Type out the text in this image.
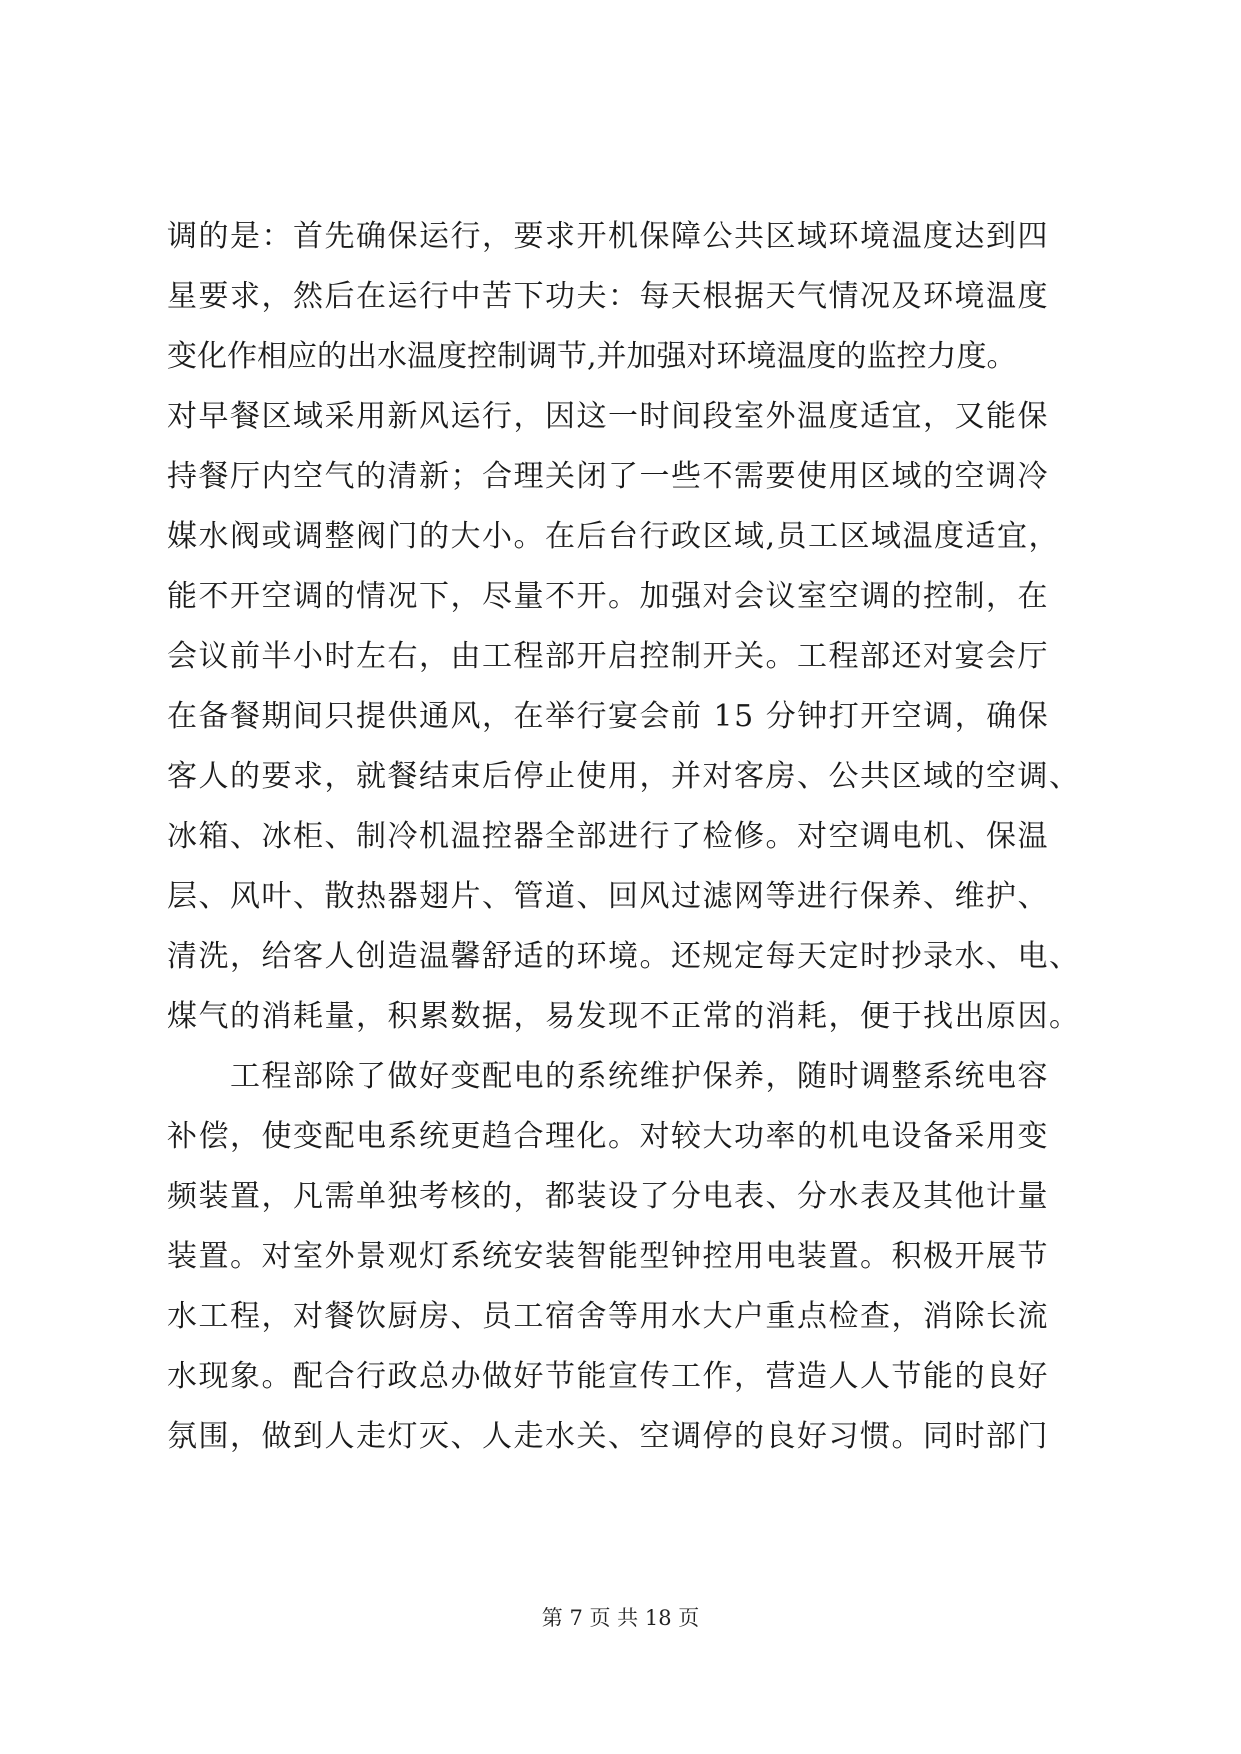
调的是：首先确保运行，要求开机保障公共区域环境温度达到四
星要求，然后在运行中苦下功夫：每天根据天气情况及环境温度
变化作相应的出水温度控制调节,并加强对环境温度的监控力度。
对早餐区域采用新风运行，因这一时间段室外温度适宜，又能保
持餐厅内空气的清新；合理关闭了一些不需要使用区域的空调冷
媒水阀或调整阀门的大小。在后台行政区域,员工区域温度适宜，
能不开空调的情况下，尽量不开。加强对会议室空调的控制，在
会议前半小时左右，由工程部开启控制开关。工程部还对宴会厅
在备餐期间只提供通风，在举行宴会前 15 分钟打开空调，确保
客人的要求，就餐结束后停止使用，并对客房、公共区域的空调、
冰箱、冰柜、制冷机温控器全部进行了检修。对空调电机、保温
层、风叶、散热器翅片、管道、回风过滤网等进行保养、维护、
清洗，给客人创造温馨舒适的环境。还规定每天定时抄录水、电、
煤气的消耗量，积累数据，易发现不正常的消耗，便于找出原因。
　　工程部除了做好变配电的系统维护保养，随时调整系统电容
补偿，使变配电系统更趋合理化。对较大功率的机电设备采用变
频装置，凡需单独考核的，都装设了分电表、分水表及其他计量
装置。对室外景观灯系统安装智能型钟控用电装置。积极开展节
水工程，对餐饮厨房、员工宿舍等用水大户重点检查，消除长流
水现象。配合行政总办做好节能宣传工作，营造人人节能的良好
氛围，做到人走灯灭、人走水关、空调停的良好习惯。同时部门
第 7 页 共 18 页
